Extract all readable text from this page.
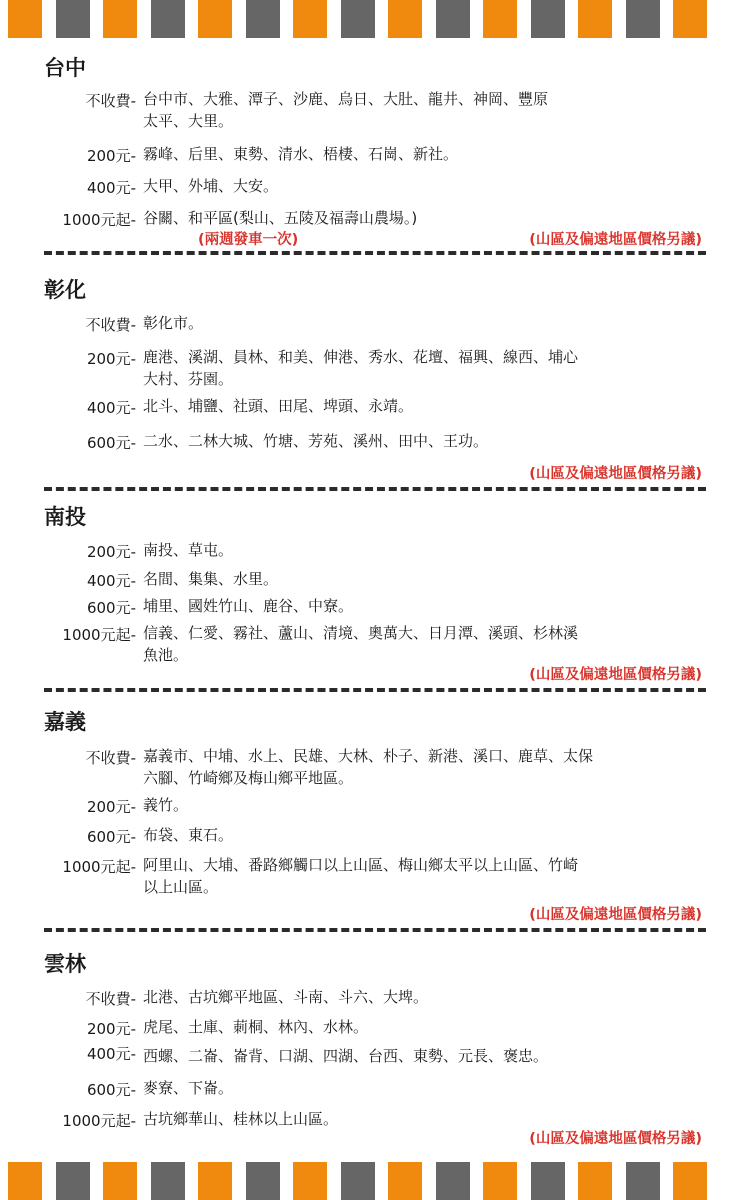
台中
不收費- 台中市、大雅、潭子、沙鹿、烏日、大肚、龍井、神岡、豐原
太平、大里。
200元- 霧峰、后里、東勢、清水、梧棲、石崗、新社。
400元- 大甲、外埔、大安。
1000元起- 谷關、和平區(梨山、五陵及福壽山農場。)
(兩週發車一次)	(山區及偏遠地區價格另議)
彰化
不收費- 彰化市。
200元- 鹿港、溪湖、員林、和美、伸港、秀水、花壇、福興、線西、埔心
大村、芬園。
400元- 北斗、埔鹽、社頭、田尾、埤頭、永靖。
600元- 二水、二林大城、竹塘、芳苑、溪州、田中、王功。
(山區及偏遠地區價格另議)
南投
200元- 南投、草屯。
400元- 名間、集集、水里。
600元- 埔里、國姓竹山、鹿谷、中寮。
1000元起- 信義、仁愛、霧社、蘆山、清境、奧萬大、日月潭、溪頭、杉林溪
魚池。
(山區及偏遠地區價格另議)
嘉義
不收費- 嘉義市、中埔、水上、民雄、大林、朴子、新港、溪口、鹿草、太保
六腳、竹崎鄉及梅山鄉平地區。
200元- 義竹。
600元- 布袋、東石。
1000元起- 阿里山、大埔、番路鄉觸口以上山區、梅山鄉太平以上山區、竹崎
以上山區。
(山區及偏遠地區價格另議)
雲林
不收費- 北港、古坑鄉平地區、斗南、斗六、大埤。
200元- 虎尾、土庫、莿桐、林內、水林。
400元- 西螺、二崙、崙背、口湖、四湖、台西、東勢、元長、褒忠。
600元- 麥寮、下崙。
1000元起- 古坑鄉華山、桂林以上山區。
(山區及偏遠地區價格另議)
